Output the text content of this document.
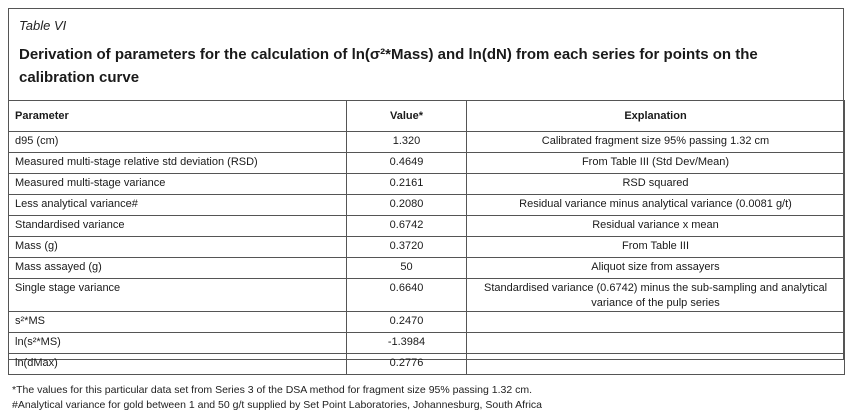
Table VI
Derivation of parameters for the calculation of ln(σ²*Mass) and ln(dN) from each series for points on the calibration curve
Parameter	Value*	Explanation
d95 (cm)	1.320	Calibrated fragment size 95% passing 1.32 cm
Measured multi-stage relative std deviation (RSD)	0.4649	From Table III (Std Dev/Mean)
Measured multi-stage variance	0.2161	RSD squared
Less analytical variance#	0.2080	Residual variance minus analytical variance (0.0081 g/t)
Standardised variance	0.6742	Residual variance x mean
Mass (g)	0.3720	From Table III
Mass assayed (g)	50	Aliquot size from assayers
Single stage variance	0.6640	Standardised variance (0.6742) minus the sub-sampling and analytical variance of the pulp series
s²*MS	0.2470	
ln(s²*MS)	-1.3984	
ln(dMax)	0.2776	
*The values for this particular data set from Series 3 of the DSA method for fragment size 95% passing 1.32 cm.
#Analytical variance for gold between 1 and 50 g/t supplied by Set Point Laboratories, Johannesburg, South Africa
